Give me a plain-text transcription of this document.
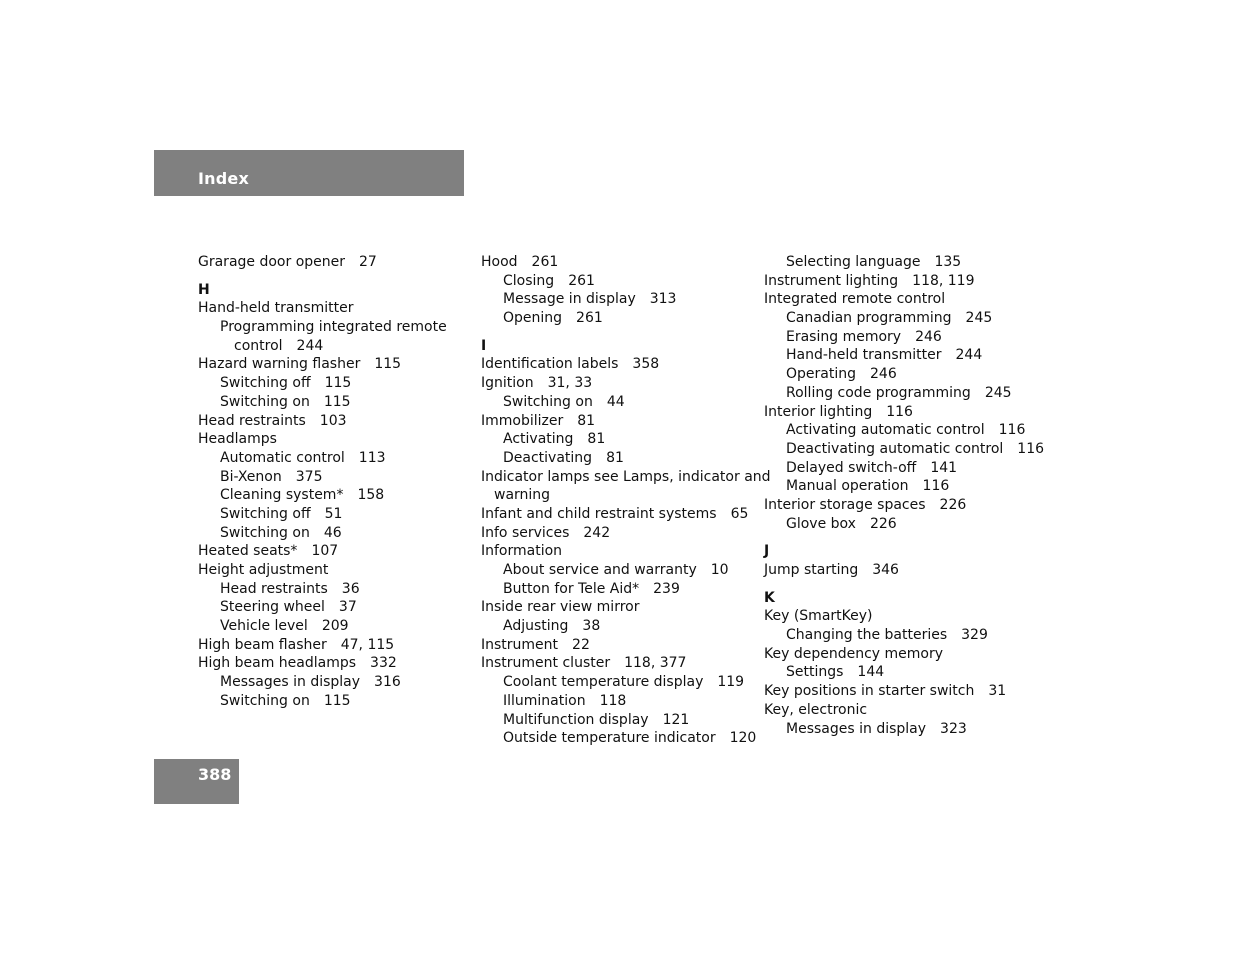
Index
Grarage door opener 27
H
Hand-held transmitter
Programming integrated remote
control 244
Hazard warning flasher 115
Switching off 115
Switching on 115
Head restraints 103
Headlamps
Automatic control 113
Bi-Xenon 375
Cleaning system* 158
Switching off 51
Switching on 46
Heated seats* 107
Height adjustment
Head restraints 36
Steering wheel 37
Vehicle level 209
High beam flasher 47, 115
High beam headlamps 332
Messages in display 316
Switching on 115
Hood 261
Closing 261
Message in display 313
Opening 261
I
Identification labels 358
Ignition 31, 33
Switching on 44
Immobilizer 81
Activating 81
Deactivating 81
Indicator lamps see Lamps, indicator and
warning
Infant and child restraint systems 65
Info services 242
Information
About service and warranty 10
Button for Tele Aid* 239
Inside rear view mirror
Adjusting 38
Instrument 22
Instrument cluster 118, 377
Coolant temperature display 119
Illumination 118
Multifunction display 121
Outside temperature indicator 120
Selecting language 135
Instrument lighting 118, 119
Integrated remote control
Canadian programming 245
Erasing memory 246
Hand-held transmitter 244
Operating 246
Rolling code programming 245
Interior lighting 116
Activating automatic control 116
Deactivating automatic control 116
Delayed switch-off 141
Manual operation 116
Interior storage spaces 226
Glove box 226
J
Jump starting 346
K
Key (SmartKey)
Changing the batteries 329
Key dependency memory
Settings 144
Key positions in starter switch 31
Key, electronic
Messages in display 323
388
